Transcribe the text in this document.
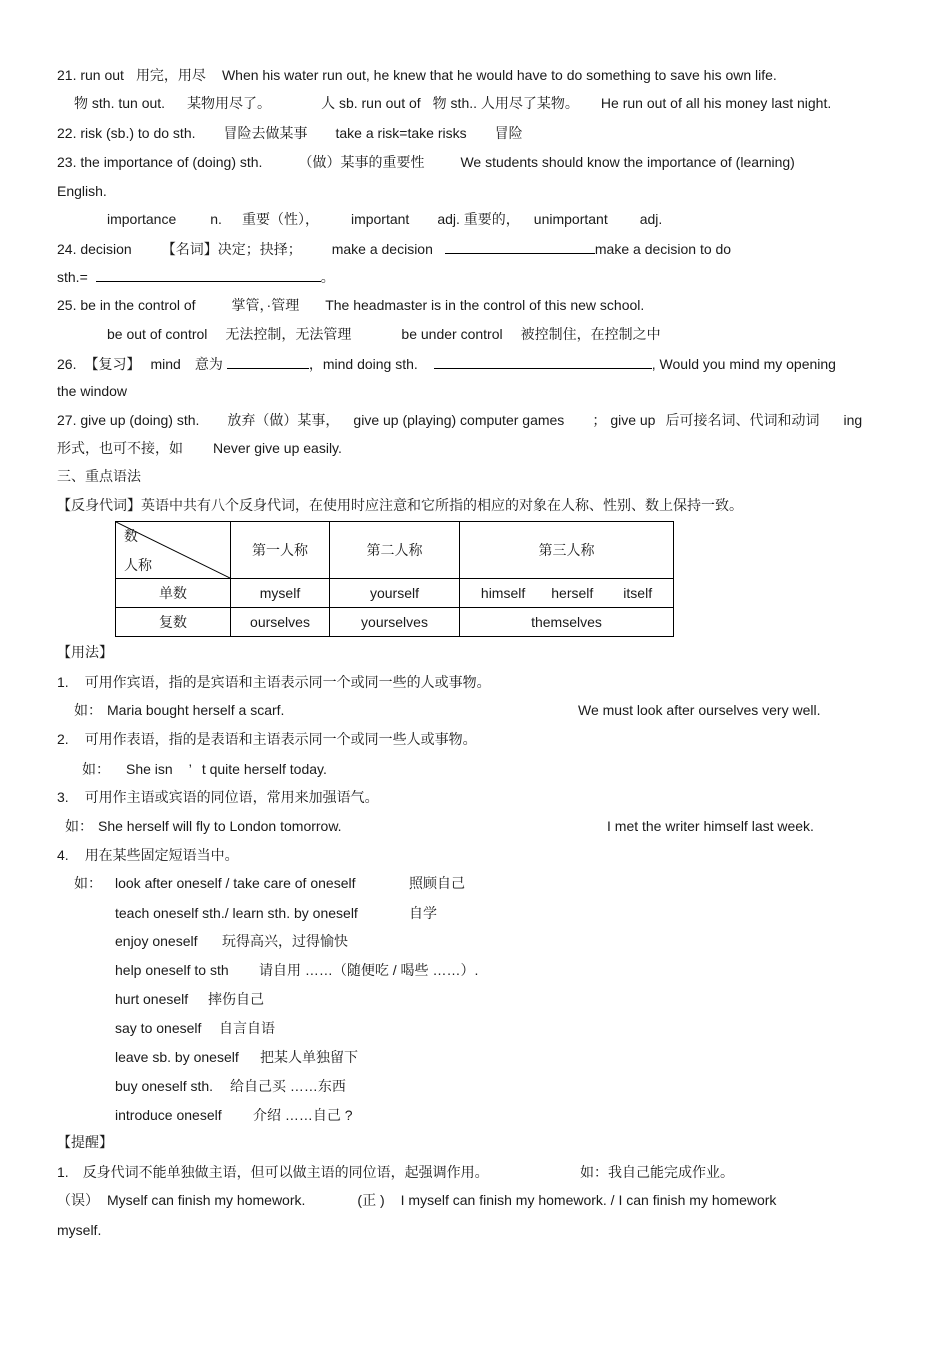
21. run out 用完，用尽 When his water run out, he knew that he would have to do something to save his own life.
物 sth. tun out. 某物用尽了。	人 sb. run out of 物 sth.. 人用尽了某物。 He run out of all his money last night.
22. risk (sb.) to do sth. 冒险去做某事 take a risk=take risks 冒险
23. the importance of (doing) sth.	（做）某事的重要性	We students should know the importance of (learning)
English.
importance n. 重要（性）， important adj. 重要的， unimportant adj.
24. decision 【名词】决定；抉择； make a decision	make a decision to do
sth.=	。
25. be in the control of	掌管，·管理 The headmaster is in the control of this new school.
be out of control 无法控制，无法管理	be under control 被控制住，在控制之中
26. 【复习】 mind 意为	，mind doing sth.	, Would you mind my opening
the window
27. give up (doing) sth. 放弃（做）某事， give up (playing) computer games ； give up 后可接名词、代词和动词 ing
形式，也可不接，如 Never give up easily.
三、重点语法
【反身代词】英语中共有八个反身代词，在使用时应注意和它所指的相应的对象在人称、性别、数上保持一致。
数
人称	第一人称	第二人称	第三人称
单数	myself	yourself	himself herself itself
复数	ourselves	yourselves	themselves
【用法】
1. 可用作宾语，指的是宾语和主语表示同一个或同一些的人或事物。
如： Maria bought herself a scarf.	We must look after ourselves very well.
2. 可用作表语，指的是表语和主语表示同一个或同一些人或事物。
如： She isn ’ t quite herself today.
3. 可用作主语或宾语的同位语，常用来加强语气。
如： She herself will fly to London tomorrow.	I met the writer himself last week.
4. 用在某些固定短语当中。
如： look after oneself / take care of oneself	照顾自己
teach oneself sth./ learn sth. by oneself	自学
enjoy oneself 玩得高兴，过得愉快
help oneself to sth 请自用 ……（随便吃 / 喝些 ……）.
hurt oneself 摔伤自己
say to oneself 自言自语
leave sb. by oneself 把某人单独留下
buy oneself sth. 给自己买 ……东西
introduce oneself 介绍 ……自己 ?
【提醒】
1. 反身代词不能单独做主语，但可以做主语的同位语，起强调作用。	如：我自己能完成作业。
（误） Myself can finish my homework.	(正 ) I myself can finish my homework. / I can finish my homework
myself.
